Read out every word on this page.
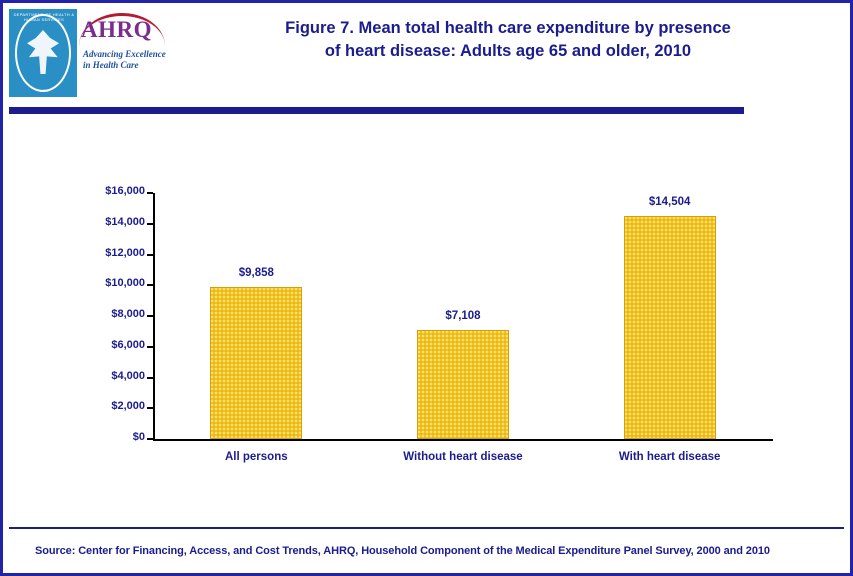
DEPARTMENT OF HEALTH & HUMAN SERVICES
USA
AHRQ
Advancing Excellence in Health Care
Figure 7. Mean total health care expenditure by presence
of heart disease: Adults age 65 and older, 2010
$0
$2,000
$4,000
$6,000
$8,000
$10,000
$12,000
$14,000
$16,000
$9,858
All persons
$7,108
Without heart disease
$14,504
With heart disease
Source: Center for Financing, Access, and Cost Trends, AHRQ, Household Component of the Medical Expenditure Panel Survey, 2000 and 2010
